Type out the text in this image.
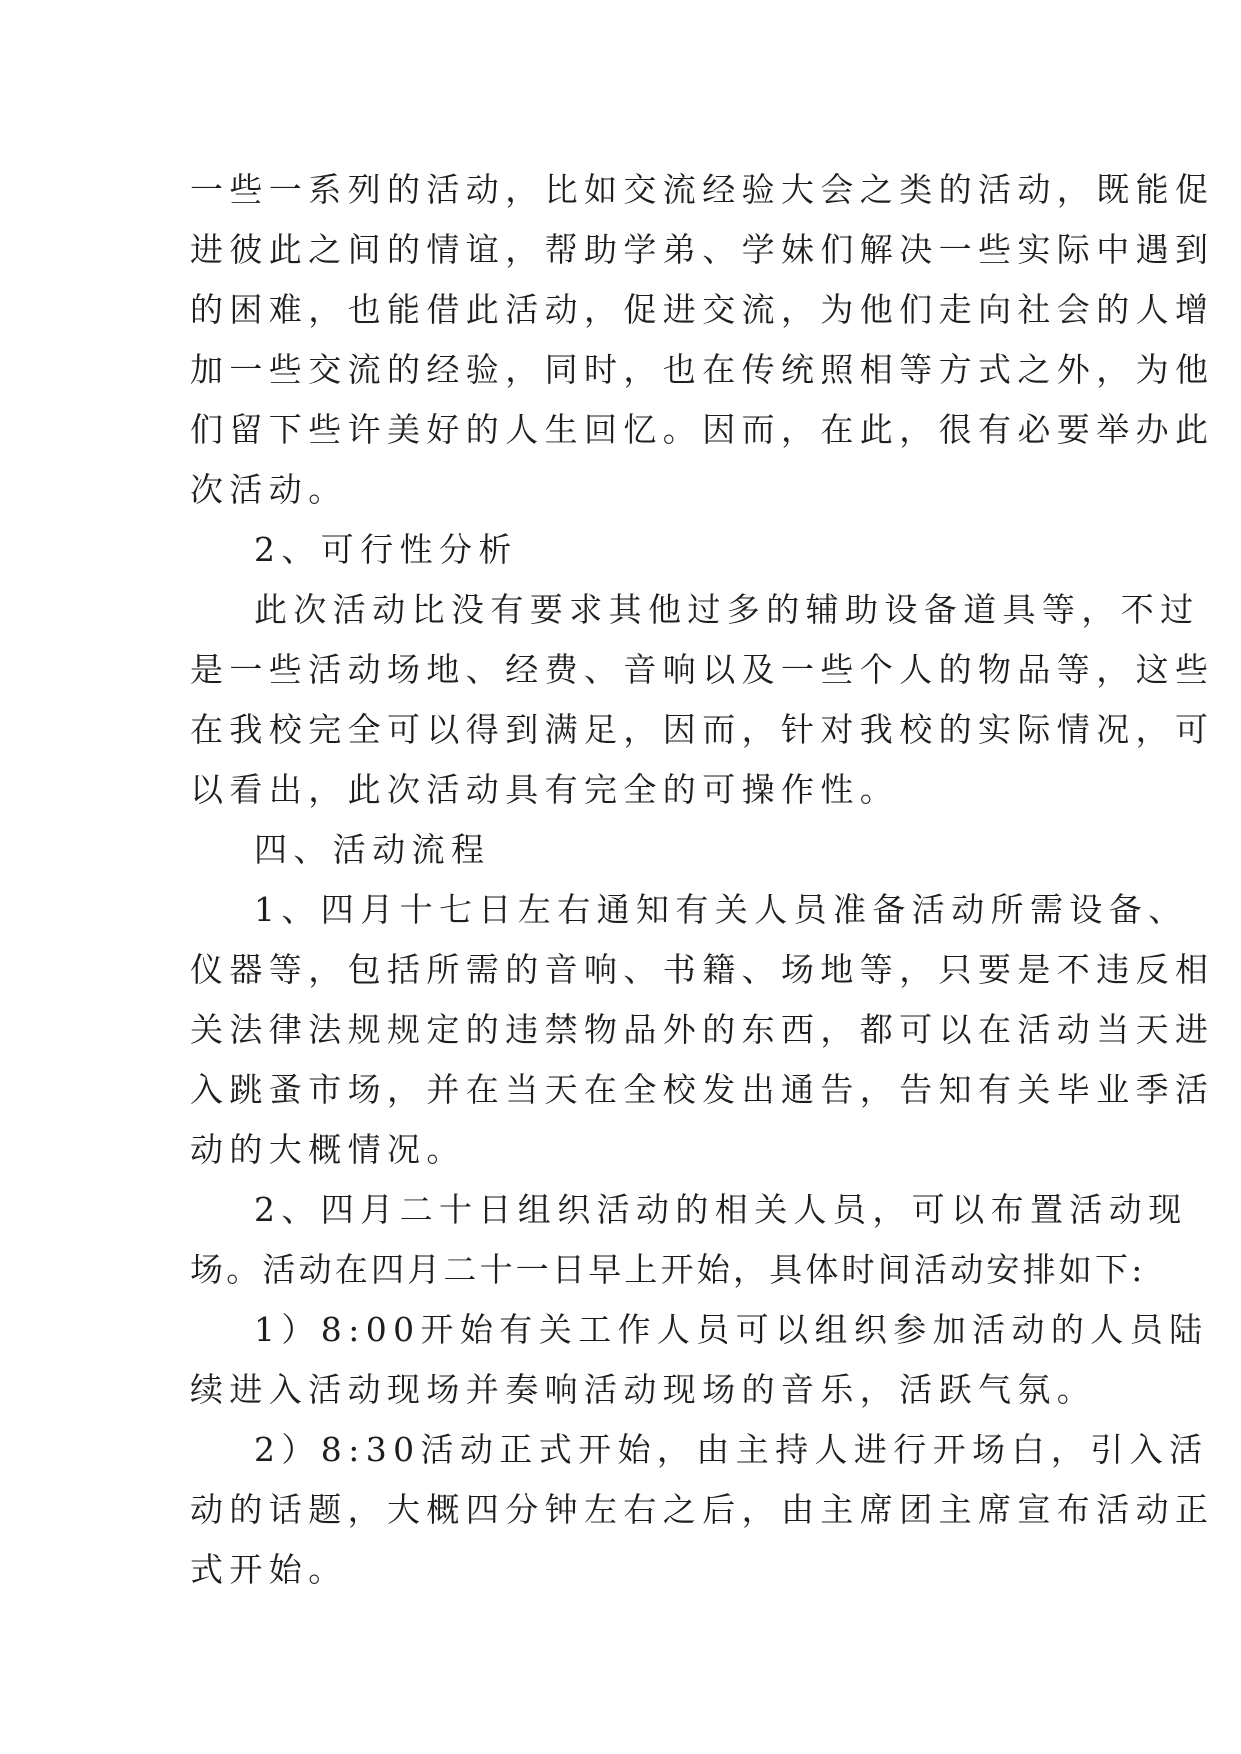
一些一系列的活动，比如交流经验大会之类的活动，既能促
进彼此之间的情谊，帮助学弟、学妹们解决一些实际中遇到
的困难，也能借此活动，促进交流，为他们走向社会的人增
加一些交流的经验，同时，也在传统照相等方式之外，为他
们留下些许美好的人生回忆。因而，在此，很有必要举办此
次活动。
2、可行性分析
此次活动比没有要求其他过多的辅助设备道具等，不过
是一些活动场地、经费、音响以及一些个人的物品等，这些
在我校完全可以得到满足，因而，针对我校的实际情况，可
以看出，此次活动具有完全的可操作性。
四、活动流程
1、四月十七日左右通知有关人员准备活动所需设备、
仪器等，包括所需的音响、书籍、场地等，只要是不违反相
关法律法规规定的违禁物品外的东西，都可以在活动当天进
入跳蚤市场，并在当天在全校发出通告，告知有关毕业季活
动的大概情况。
2、四月二十日组织活动的相关人员，可以布置活动现
场。活动在四月二十一日早上开始，具体时间活动安排如下:
1）8:00开始有关工作人员可以组织参加活动的人员陆
续进入活动现场并奏响活动现场的音乐，活跃气氛。
2）8:30活动正式开始，由主持人进行开场白，引入活
动的话题，大概四分钟左右之后，由主席团主席宣布活动正
式开始。
